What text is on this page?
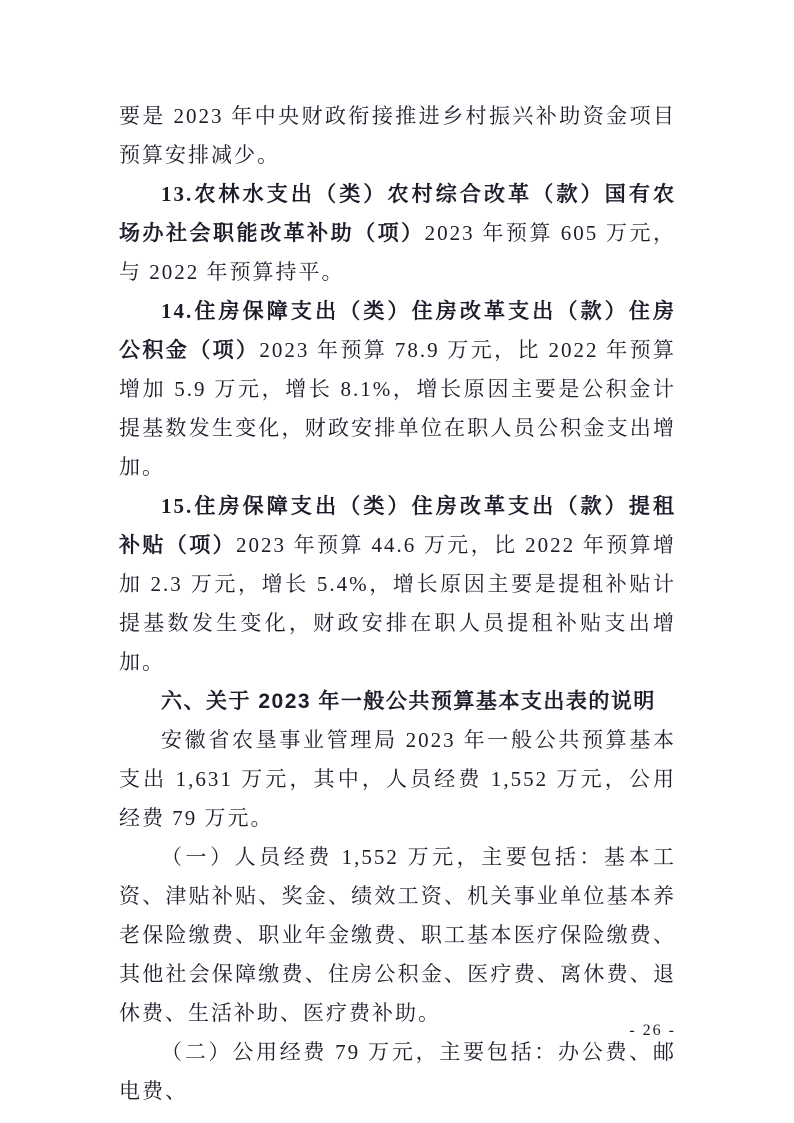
要是 2023 年中央财政衔接推进乡村振兴补助资金项目预算安排减少。

13.农林水支出（类）农村综合改革（款）国有农场办社会职能改革补助（项）2023 年预算 605 万元，与 2022 年预算持平。

14.住房保障支出（类）住房改革支出（款）住房公积金（项）2023 年预算 78.9 万元，比 2022 年预算增加 5.9 万元，增长 8.1%，增长原因主要是公积金计提基数发生变化，财政安排单位在职人员公积金支出增加。

15.住房保障支出（类）住房改革支出（款）提租补贴（项）2023 年预算 44.6 万元，比 2022 年预算增加 2.3 万元，增长 5.4%，增长原因主要是提租补贴计提基数发生变化，财政安排在职人员提租补贴支出增加。

六、关于 2023 年一般公共预算基本支出表的说明

安徽省农垦事业管理局 2023 年一般公共预算基本支出 1,631 万元，其中，人员经费 1,552 万元，公用经费 79 万元。

（一）人员经费 1,552 万元，主要包括：基本工资、津贴补贴、奖金、绩效工资、机关事业单位基本养老保险缴费、职业年金缴费、职工基本医疗保险缴费、其他社会保障缴费、住房公积金、医疗费、离休费、退休费、生活补助、医疗费补助。

（二）公用经费 79 万元，主要包括：办公费、邮电费、

- 26 -
